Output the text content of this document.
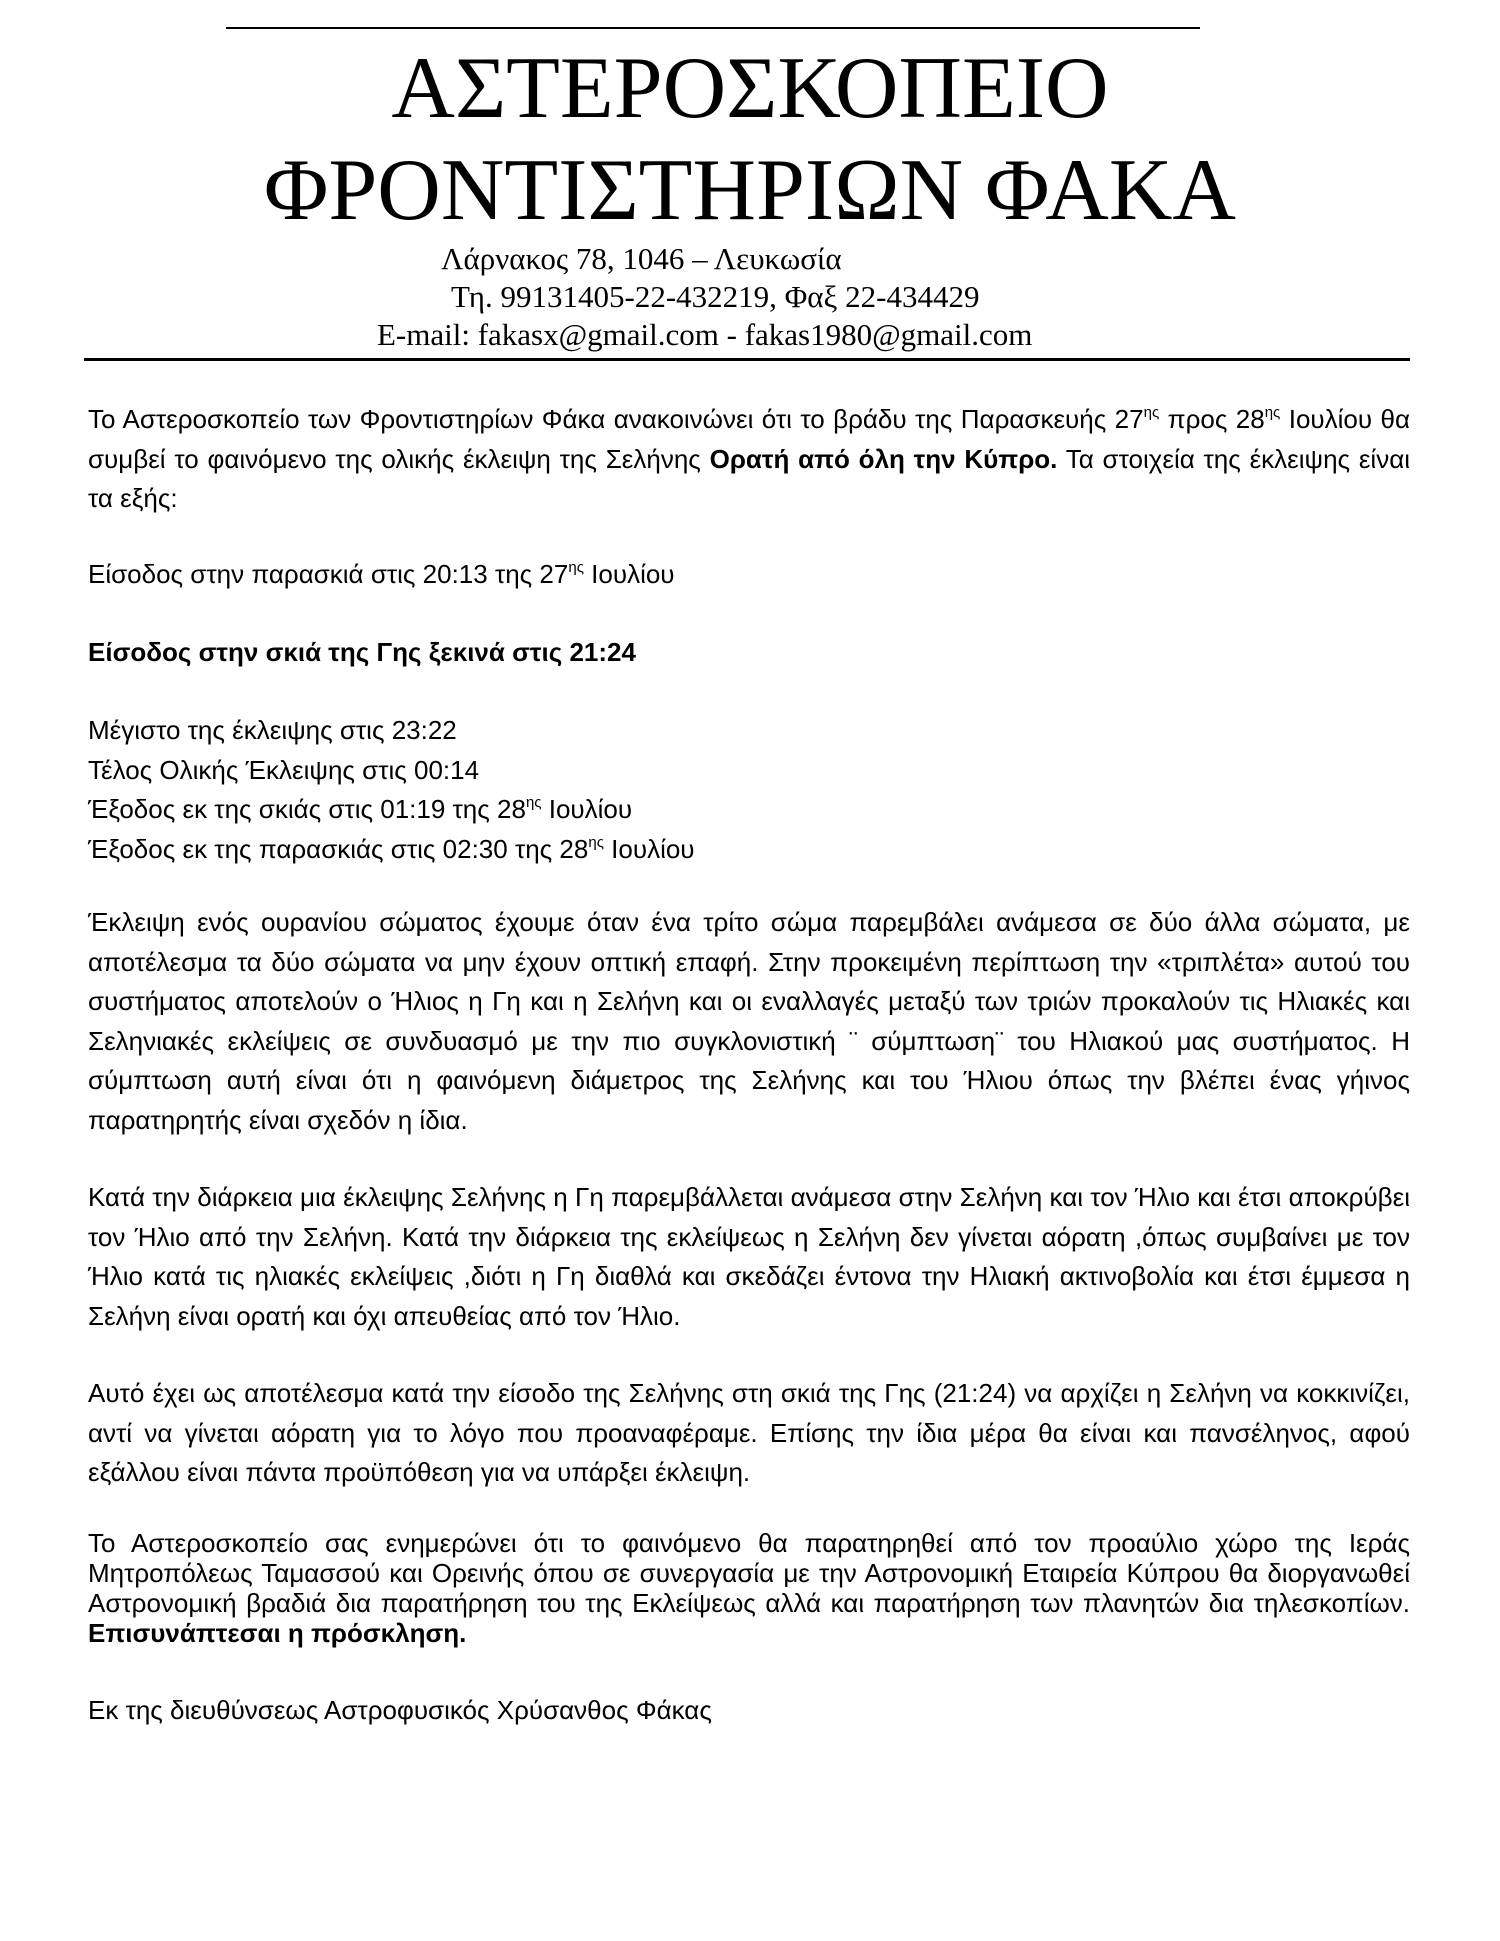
ΑΣΤΕΡΟΣΚΟΠΕΙΟ
ΦΡΟΝΤΙΣΤΗΡΙΩΝ ΦΑΚΑ
Λάρνακος 78, 1046 – Λευκωσία
Τη. 99131405-22-432219, Φαξ 22-434429
E-mail: fakasx@gmail.com - fakas1980@gmail.com
Το Αστεροσκοπείο των Φροντιστηρίων Φάκα ανακοινώνει ότι το βράδυ της Παρασκευής $27^{\eta\varsigma}$ προς $28^{\eta\varsigma}$ Ιουλίου θα συμβεί το φαινόμενο της ολικής έκλειψη της Σελήνης Ορατή από όλη την Κύπρο. Τα στοιχεία της έκλειψης είναι τα εξής:
Είσοδος στην παρασκιά στις 20:13 της $27^{\eta\varsigma}$ Ιουλίου
Είσοδος στην σκιά της Γης ξεκινά στις 21:24
Μέγιστο της έκλειψης στις 23:22
Τέλος Ολικής Έκλειψης στις 00:14
Έξοδος εκ της σκιάς στις 01:19 της $28^{\eta\varsigma}$ Ιουλίου
Έξοδος εκ της παρασκιάς στις 02:30 της $28^{\eta\varsigma}$ Ιουλίου
Έκλειψη ενός ουρανίου σώματος έχουμε όταν ένα τρίτο σώμα παρεμβάλει ανάμεσα σε δύο άλλα σώματα, με αποτέλεσμα τα δύο σώματα να μην έχουν οπτική επαφή. Στην προκειμένη περίπτωση την «τριπλέτα» αυτού του συστήματος αποτελούν ο Ήλιος η Γη και η Σελήνη και οι εναλλαγές μεταξύ των τριών προκαλούν τις Ηλιακές και Σεληνιακές εκλείψεις σε συνδυασμό με την πιο συγκλονιστική ¨ σύμπτωση¨ του Ηλιακού μας συστήματος. Η σύμπτωση αυτή είναι ότι η φαινόμενη διάμετρος της Σελήνης και του Ήλιου όπως την βλέπει ένας γήινος παρατηρητής είναι σχεδόν η ίδια.
Κατά την διάρκεια μια έκλειψης Σελήνης η Γη παρεμβάλλεται ανάμεσα στην Σελήνη και τον Ήλιο και έτσι αποκρύβει τον Ήλιο από την Σελήνη. Κατά την διάρκεια της εκλείψεως η Σελήνη δεν γίνεται αόρατη ,όπως συμβαίνει με τον Ήλιο κατά τις ηλιακές εκλείψεις ,διότι η Γη διαθλά και σκεδάζει έντονα την Ηλιακή ακτινοβολία και έτσι έμμεσα η Σελήνη είναι ορατή και όχι απευθείας από τον Ήλιο.
Αυτό έχει ως αποτέλεσμα κατά την είσοδο της Σελήνης στη σκιά της Γης (21:24) να αρχίζει η Σελήνη να κοκκινίζει, αντί να γίνεται αόρατη για το λόγο που προαναφέραμε. Επίσης την ίδια μέρα θα είναι και πανσέληνος, αφού εξάλλου είναι πάντα προϋπόθεση για να υπάρξει έκλειψη.
Το Αστεροσκοπείο σας ενημερώνει ότι το φαινόμενο θα παρατηρηθεί από τον προαύλιο χώρο της Ιεράς Μητροπόλεως Ταμασσού και Ορεινής όπου σε συνεργασία με την Αστρονομική Εταιρεία Κύπρου θα διοργανωθεί Αστρονομική βραδιά δια παρατήρηση του της Εκλείψεως αλλά και παρατήρηση των πλανητών δια τηλεσκοπίων. Επισυνάπτεσαι η πρόσκληση.
Εκ της διευθύνσεως Αστροφυσικός Χρύσανθος Φάκας
